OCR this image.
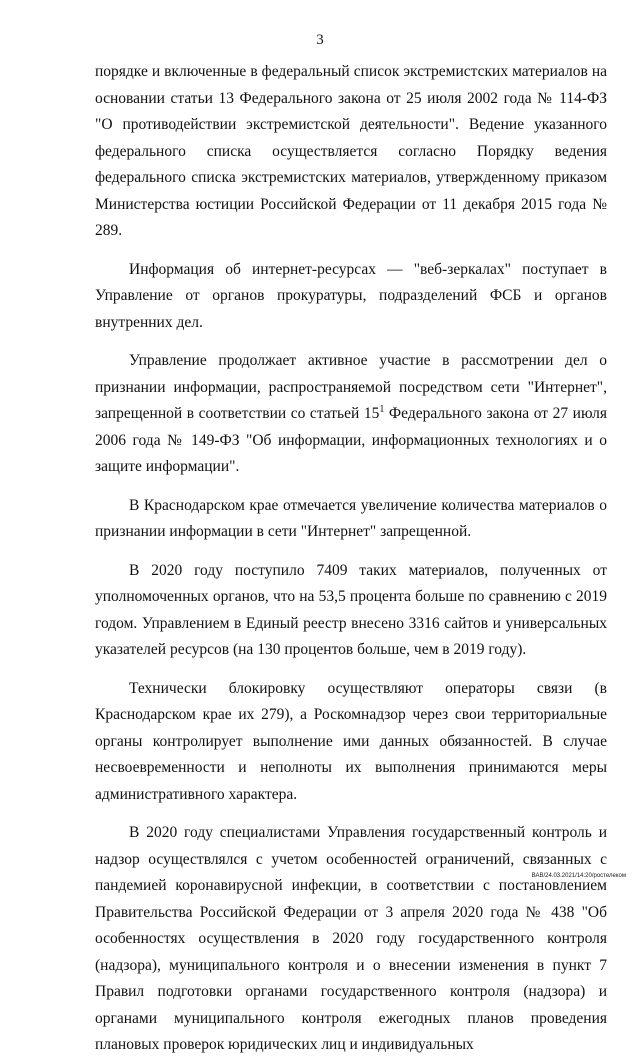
3

порядке и включенные в федеральный список экстремистских материалов на основании статьи 13 Федерального закона от 25 июля 2002 года № 114-ФЗ "О противодействии экстремистской деятельности". Ведение указанного федерального списка осуществляется согласно Порядку ведения федерального списка экстремистских материалов, утвержденному приказом Министерства юстиции Российской Федерации от 11 декабря 2015 года № 289.

Информация об интернет-ресурсах — "веб-зеркалах" поступает в Управление от органов прокуратуры, подразделений ФСБ и органов внутренних дел.

Управление продолжает активное участие в рассмотрении дел о признании информации, распространяемой посредством сети "Интернет", запрещенной в соответствии со статьей $15^1$ Федерального закона от 27 июля 2006 года № 149-ФЗ "Об информации, информационных технологиях и о защите информации".

В Краснодарском крае отмечается увеличение количества материалов о признании информации в сети "Интернет" запрещенной.

В 2020 году поступило 7409 таких материалов, полученных от уполномоченных органов, что на 53,5 процента больше по сравнению с 2019 годом. Управлением в Единый реестр внесено 3316 сайтов и универсальных указателей ресурсов (на 130 процентов больше, чем в 2019 году).

Технически блокировку осуществляют операторы связи (в Краснодарском крае их 279), а Роскомнадзор через свои территориальные органы контролирует выполнение ими данных обязанностей. В случае несвоевременности и неполноты их выполнения принимаются меры административного характера.

В 2020 году специалистами Управления государственный контроль и надзор осуществлялся с учетом особенностей ограничений, связанных с пандемией коронавирусной инфекции, в соответствии с постановлением Правительства Российской Федерации от 3 апреля 2020 года № 438 "Об особенностях осуществления в 2020 году государственного контроля (надзора), муниципального контроля и о внесении изменения в пункт 7 Правил подготовки органами государственного контроля (надзора) и органами муниципального контроля ежегодных планов проведения плановых проверок юридических лиц и индивидуальных

ВАВ/24.03.2021/14:20/ростелеком
